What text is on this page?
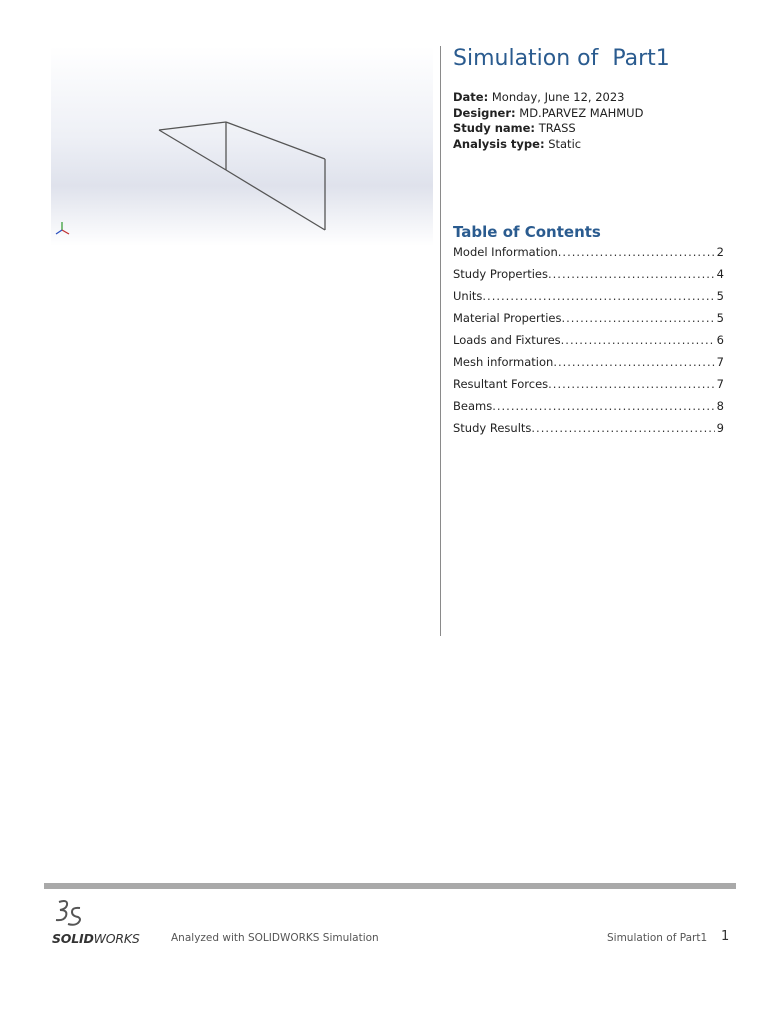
Simulation of  Part1
Date: Monday, June 12, 2023
Designer: MD.PARVEZ MAHMUD
Study name: TRASS
Analysis type: Static
Table of Contents
Model Information .....	2
Study Properties .....	4
Units .....	5
Material Properties .....	5
Loads and Fixtures .....	6
Mesh information .....	7
Resultant Forces .....	7
Beams .....	8
Study Results .....	9
SOLIDWORKS	Analyzed with SOLIDWORKS Simulation	Simulation of Part1 1
